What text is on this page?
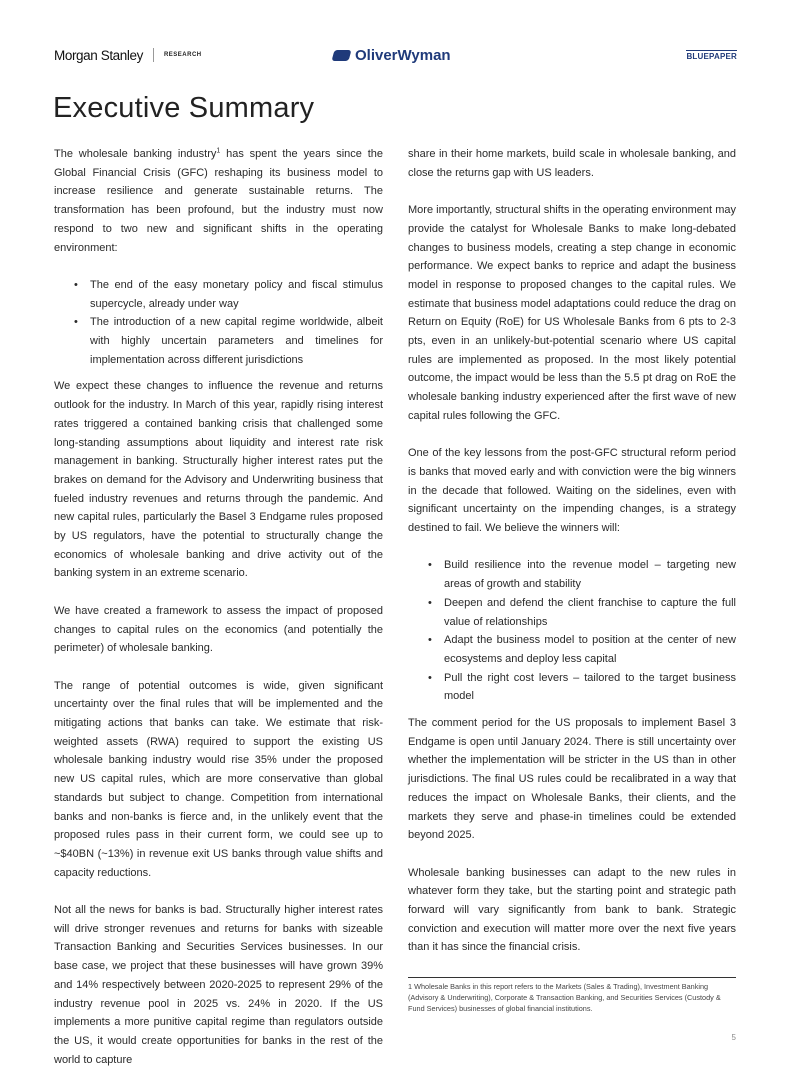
Morgan Stanley	RESEARCH	OliverWyman	BLUEPAPER
Executive Summary

The wholesale banking industry$^1$ has spent the years since the Global Financial Crisis (GFC) reshaping its business model to increase resilience and generate sustainable returns. The transformation has been profound, but the industry must now respond to two new and significant shifts in the operating environment:

• The end of the easy monetary policy and fiscal stimulus supercycle, already under way
• The introduction of a new capital regime worldwide, albeit with highly uncertain parameters and timelines for implementation across different jurisdictions

We expect these changes to influence the revenue and returns outlook for the industry. In March of this year, rapidly rising interest rates triggered a contained banking crisis that challenged some long-standing assumptions about liquidity and interest rate risk management in banking. Structurally higher interest rates put the brakes on demand for the Advisory and Underwriting business that fueled industry revenues and returns through the pandemic. And new capital rules, particularly the Basel 3 Endgame rules proposed by US regulators, have the potential to structurally change the economics of wholesale banking and drive activity out of the banking system in an extreme scenario.

We have created a framework to assess the impact of proposed changes to capital rules on the economics (and potentially the perimeter) of wholesale banking.

The range of potential outcomes is wide, given significant uncertainty over the final rules that will be implemented and the mitigating actions that banks can take. We estimate that risk-weighted assets (RWA) required to support the existing US wholesale banking industry would rise 35% under the proposed new US capital rules, which are more conservative than global standards but subject to change. Competition from international banks and non-banks is fierce and, in the unlikely event that the proposed rules pass in their current form, we could see up to ~$40BN (~13%) in revenue exit US banks through value shifts and capacity reductions.

Not all the news for banks is bad. Structurally higher interest rates will drive stronger revenues and returns for banks with sizeable Transaction Banking and Securities Services businesses. In our base case, we project that these businesses will have grown 39% and 14% respectively between 2020-2025 to represent 29% of the industry revenue pool in 2025 vs. 24% in 2020. If the US implements a more punitive capital regime than regulators outside the US, it would create opportunities for banks in the rest of the world to capture

share in their home markets, build scale in wholesale banking, and close the returns gap with US leaders.

More importantly, structural shifts in the operating environment may provide the catalyst for Wholesale Banks to make long-debated changes to business models, creating a step change in economic performance. We expect banks to reprice and adapt the business model in response to proposed changes to the capital rules. We estimate that business model adaptations could reduce the drag on Return on Equity (RoE) for US Wholesale Banks from 6 pts to 2-3 pts, even in an unlikely-but-potential scenario where US capital rules are implemented as proposed. In the most likely potential outcome, the impact would be less than the 5.5 pt drag on RoE the wholesale banking industry experienced after the first wave of new capital rules following the GFC.

One of the key lessons from the post-GFC structural reform period is banks that moved early and with conviction were the big winners in the decade that followed. Waiting on the sidelines, even with significant uncertainty on the impending changes, is a strategy destined to fail. We believe the winners will:

• Build resilience into the revenue model – targeting new areas of growth and stability
• Deepen and defend the client franchise to capture the full value of relationships
• Adapt the business model to position at the center of new ecosystems and deploy less capital
• Pull the right cost levers – tailored to the target business model

The comment period for the US proposals to implement Basel 3 Endgame is open until January 2024. There is still uncertainty over whether the implementation will be stricter in the US than in other jurisdictions. The final US rules could be recalibrated in a way that reduces the impact on Wholesale Banks, their clients, and the markets they serve and phase-in timelines could be extended beyond 2025.

Wholesale banking businesses can adapt to the new rules in whatever form they take, but the starting point and strategic path forward will vary significantly from bank to bank. Strategic conviction and execution will matter more over the next five years than it has since the financial crisis.

1 Wholesale Banks in this report refers to the Markets (Sales & Trading), Investment Banking (Advisory & Underwriting), Corporate & Transaction Banking, and Securities Services (Custody & Fund Services) businesses of global financial institutions.
5
